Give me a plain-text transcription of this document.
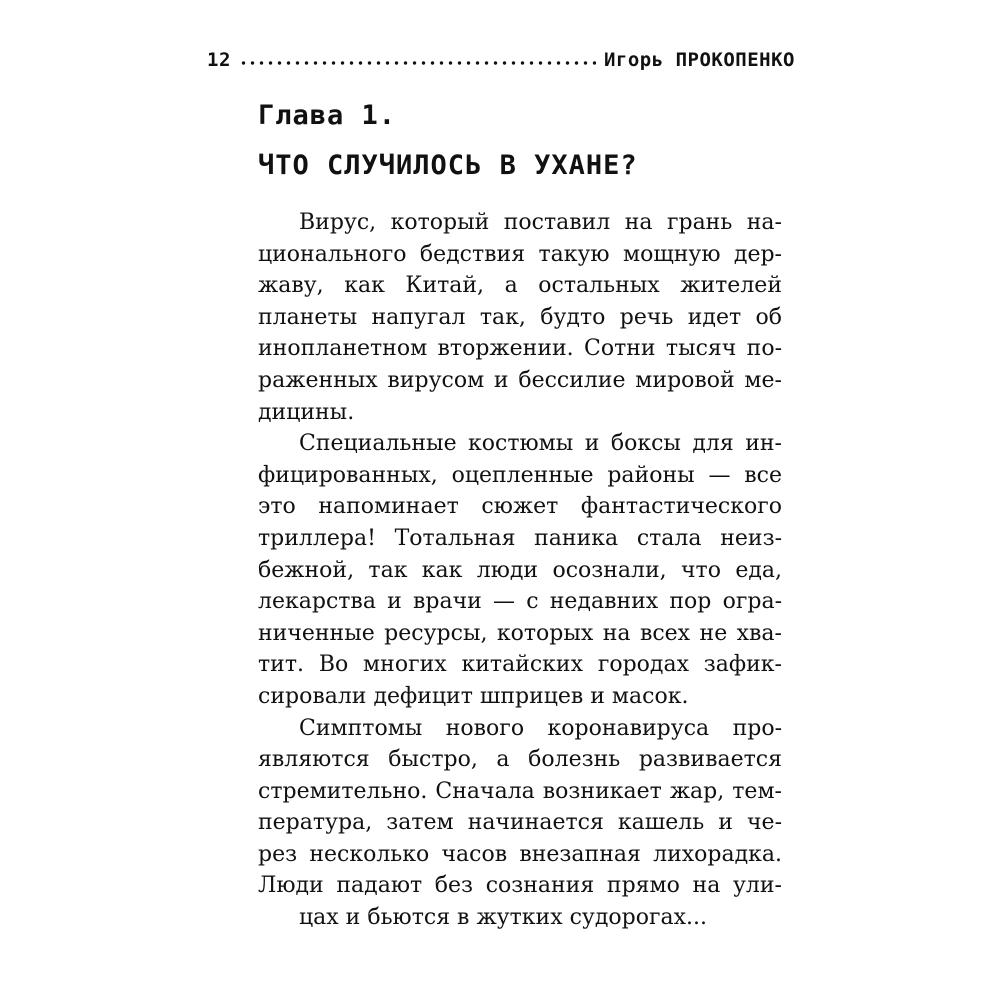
12	Игорь ПРОКОПЕНКО
Глава 1.
ЧТО СЛУЧИЛОСЬ В УХАНЕ?
Вирус, который поставил на грань на-
ционального бедствия такую мощную дер-
жаву, как Китай, а остальных жителей
планеты напугал так, будто речь идет об
инопланетном вторжении. Сотни тысяч по-
раженных вирусом и бессилие мировой ме-
дицины.
Специальные костюмы и боксы для ин-
фицированных, оцепленные районы — все
это напоминает сюжет фантастического
триллера! Тотальная паника стала неиз-
бежной, так как люди осознали, что еда,
лекарства и врачи — с недавних пор огра-
ниченные ресурсы, которых на всех не хва-
тит. Во многих китайских городах зафик-
сировали дефицит шприцев и масок.
Симптомы нового коронавируса про-
являются быстро, а болезнь развивается
стремительно. Сначала возникает жар, тем-
пература, затем начинается кашель и че-
рез несколько часов внезапная лихорадка.
Люди падают без сознания прямо на ули-
цах и бьются в жутких судорогах...
